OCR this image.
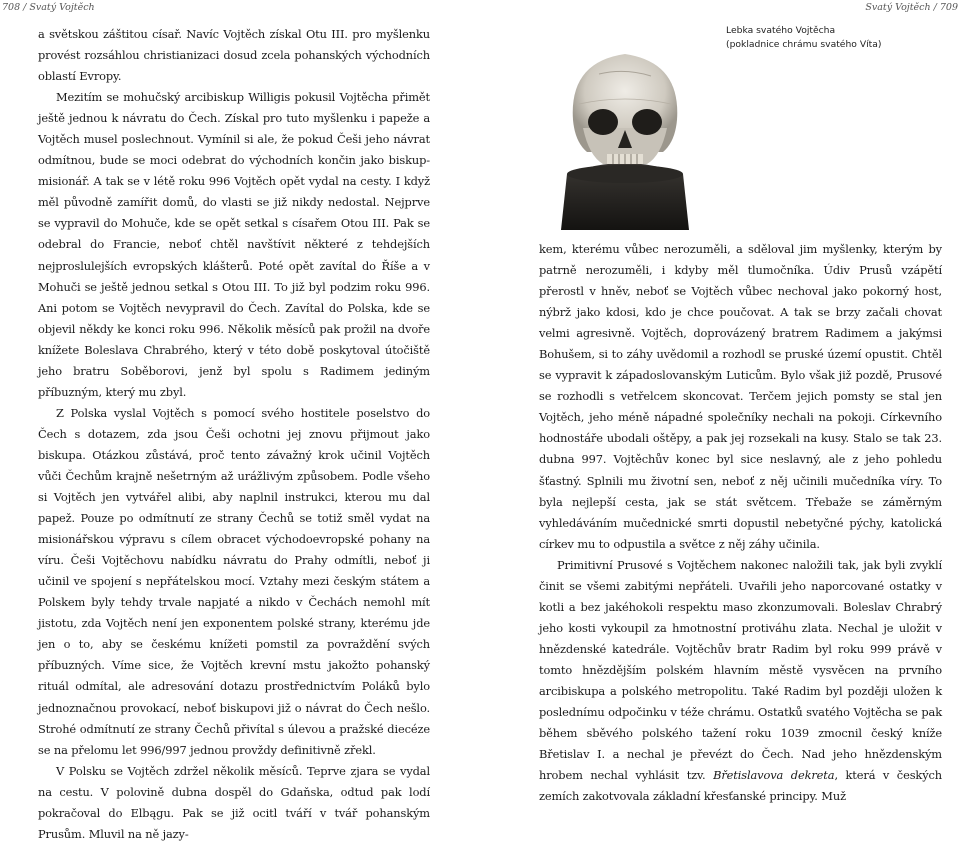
708 / Svatý Vojtěch	Svatý Vojtěch / 709

a světskou záštitou císař. Navíc Vojtěch získal Otu III. pro myšlenku provést rozsáhlou christianizaci dosud zcela pohanských východních oblastí Evropy.

Mezitím se mohučský arcibiskup Willigis pokusil Vojtěcha přimět ještě jednou k návratu do Čech. Získal pro tuto myšlenku i papeže a Vojtěch musel poslechnout. Vymínil si ale, že pokud Češi jeho návrat odmítnou, bude se moci odebrat do východních končin jako biskup-misionář. A tak se v létě roku 996 Vojtěch opět vydal na cesty. I když měl původně zamířit domů, do vlasti se již nikdy nedostal. Nejprve se vypravil do Mohuče, kde se opět setkal s císařem Otou III. Pak se odebral do Francie, neboť chtěl navštívit některé z tehdejších nejproslulejších evropských klášterů. Poté opět zavítal do Říše a v Mohuči se ještě jednou setkal s Otou III. To již byl podzim roku 996. Ani potom se Vojtěch nevypravil do Čech. Zavítal do Polska, kde se objevil někdy ke konci roku 996. Několik měsíců pak prožil na dvoře knížete Boleslava Chrabrého, který v této době poskytoval útočiště jeho bratru Soběborovi, jenž byl spolu s Radimem jediným příbuzným, který mu zbyl.

Z Polska vyslal Vojtěch s pomocí svého hostitele poselstvo do Čech s dotazem, zda jsou Češi ochotni jej znovu přijmout jako biskupa. Otázkou zůstává, proč tento závažný krok učinil Vojtěch vůči Čechům krajně nešetrným až urážlivým způsobem. Podle všeho si Vojtěch jen vytvářel alibi, aby naplnil instrukci, kterou mu dal papež. Pouze po odmítnutí ze strany Čechů se totiž směl vydat na misionářskou výpravu s cílem obracet východoevropské pohany na víru. Češi Vojtěchovu nabídku návratu do Prahy odmítli, neboť ji učinil ve spojení s nepřátelskou mocí. Vztahy mezi českým státem a Polskem byly tehdy trvale napjaté a nikdo v Čechách nemohl mít jistotu, zda Vojtěch není jen exponentem polské strany, kterému jde jen o to, aby se českému knížeti pomstil za povraždění svých příbuzných. Víme sice, že Vojtěch krevní mstu jakožto pohanský rituál odmítal, ale adresování dotazu prostřednictvím Poláků bylo jednoznačnou provokací, neboť biskupovi již o návrat do Čech nešlo. Strohé odmítnutí ze strany Čechů přivítal s úlevou a pražské diecéze se na přelomu let 996/997 jednou provždy definitivně zřekl.

V Polsku se Vojtěch zdržel několik měsíců. Teprve zjara se vydal na cestu. V polovině dubna dospěl do Gdaňska, odtud pak lodí pokračoval do Elbągu. Pak se již ocitl tváří v tvář pohanským Prusům. Mluvil na ně jazy-

Lebka svatého Vojtěcha
(pokladnice chrámu svatého Víta)

kem, kterému vůbec nerozuměli, a sděloval jim myšlenky, kterým by patrně nerozuměli, i kdyby měl tlumočníka. Údiv Prusů vzápětí přerostl v hněv, neboť se Vojtěch vůbec nechoval jako pokorný host, nýbrž jako kdosi, kdo je chce poučovat. A tak se brzy začali chovat velmi agresivně. Vojtěch, doprovázený bratrem Radimem a jakýmsi Bohušem, si to záhy uvědomil a rozhodl se pruské území opustit. Chtěl se vypravit k západoslovanským Luticům. Bylo však již pozdě, Prusové se rozhodli s vetřelcem skoncovat. Terčem jejich pomsty se stal jen Vojtěch, jeho méně nápadné společníky nechali na pokoji. Církevního hodnostáře ubodali oštěpy, a pak jej rozsekali na kusy. Stalo se tak 23. dubna 997. Vojtěchův konec byl sice neslavný, ale z jeho pohledu šťastný. Splnili mu životní sen, neboť z něj učinili mučedníka víry. To byla nejlepší cesta, jak se stát světcem. Třebaže se záměrným vyhledáváním mučednické smrti dopustil nebetyčné pýchy, katolická církev mu to odpustila a světce z něj záhy učinila.

Primitivní Prusové s Vojtěchem nakonec naložili tak, jak byli zvyklí činit se všemi zabitými nepřáteli. Uvařili jeho naporcované ostatky v kotli a bez jakéhokoli respektu maso zkonzumovali. Boleslav Chrabrý jeho kosti vykoupil za hmotnostní protiváhu zlata. Nechal je uložit v hnězdenské katedrále. Vojtěchův bratr Radim byl roku 999 právě v tomto hnězdějším polském hlavním městě vysvěcen na prvního arcibiskupa a polského metropolitu. Také Radim byl později uložen k poslednímu odpočinku v téže chrámu. Ostatků svatého Vojtěcha se pak během sběvého polského tažení roku 1039 zmocnil český kníže Břetislav I. a nechal je převézt do Čech. Nad jeho hnězdenským hrobem nechal vyhlásit tzv. Břetislavova dekreta, která v českých zemích zakotvovala základní křesťanské principy. Muž
